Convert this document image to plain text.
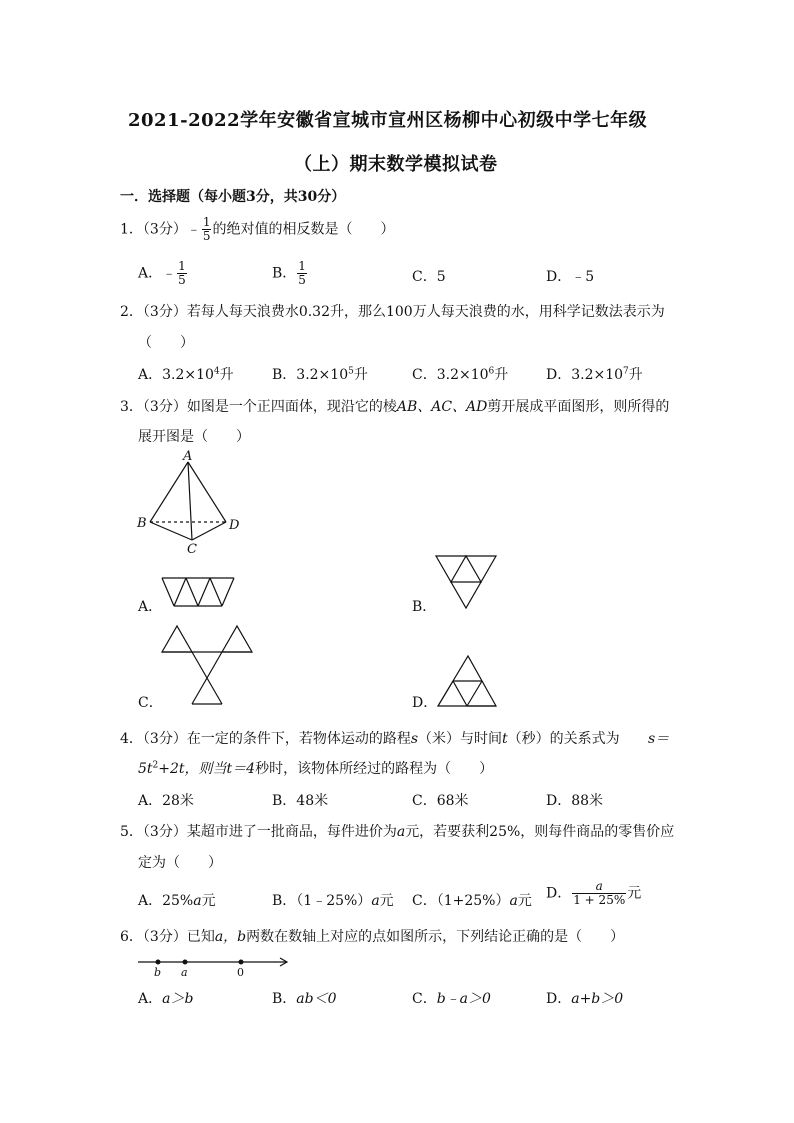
2021-2022学年安徽省宣城市宣州区杨柳中心初级中学七年级
（上）期末数学模拟试卷
一．选择题（每小题3分，共30分）
1．（3分）﹣ $\frac{1}{5}$ 的绝对值的相反数是（　　）
A．﹣ $\frac{1}{5}$	B． $\frac{1}{5}$	C．5	D．﹣5
2．（3分）若每人每天浪费水0.32升，那么100万人每天浪费的水，用科学记数法表示为
（　　）
A．$3.2\times 10^4$升	B．$3.2\times 10^5$升	C．$3.2\times 10^6$升	D．$3.2\times 10^7$升
3．（3分）如图是一个正四面体，现沿它的棱AB、AC、AD剪开展成平面图形，则所得的
展开图是（　　）
A
B
C
D
A．	B．
C．	D．
4．（3分）在一定的条件下，若物体运动的路程s（米）与时间t（秒）的关系式为 s＝
$5t^2+2t$，则当t＝4秒时，该物体所经过的路程为（　　）
A．28米	B．48米	C．68米	D．88米
5．（3分）某超市进了一批商品，每件进价为a元，若要获利25%，则每件商品的零售价应
定为（　　）
A．25%a元	B．（1﹣25%）a元 C．（1+25%）a元 D． $\frac{a}{1 + 25\%}$ 元
6．（3分）已知a，b两数在数轴上对应的点如图所示，下列结论正确的是（　　）
b a	0
A．a＞b	B．ab＜0	C．b﹣a＞0	D．a+b＞0
